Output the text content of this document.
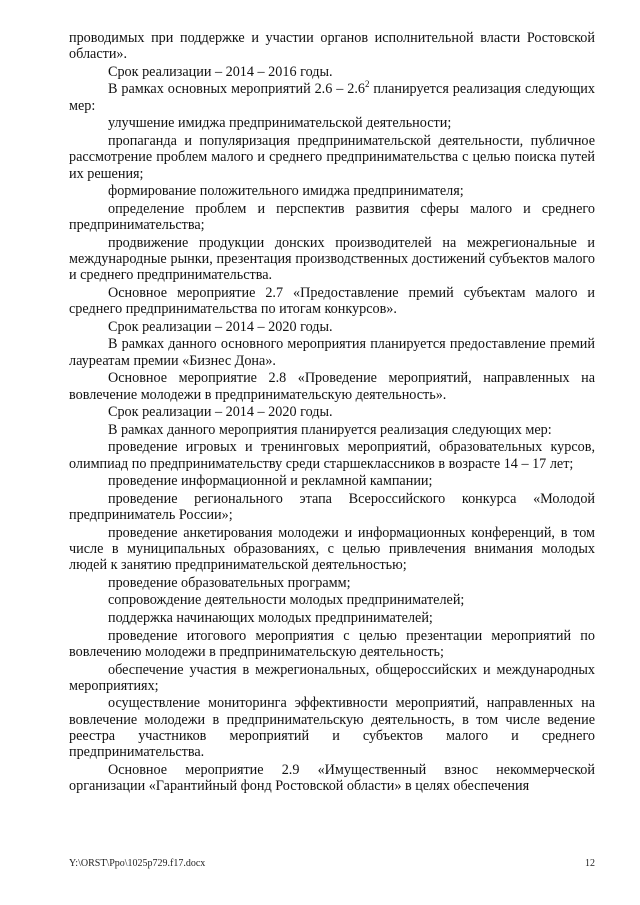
проводимых при поддержке и участии органов исполнительной власти Ростовской области».

Срок реализации – 2014 – 2016 годы.

В рамках основных мероприятий $2.6 - 2.6^2$ планируется реализация следующих мер:

улучшение имиджа предпринимательской деятельности;

пропаганда и популяризация предпринимательской деятельности, публичное рассмотрение проблем малого и среднего предпринимательства с целью поиска путей их решения;

формирование положительного имиджа предпринимателя;

определение проблем и перспектив развития сферы малого и среднего предпринимательства;

продвижение продукции донских производителей на межрегиональные и международные рынки, презентация производственных достижений субъектов малого и среднего предпринимательства.

Основное мероприятие 2.7 «Предоставление премий субъектам малого и среднего предпринимательства по итогам конкурсов».

Срок реализации – 2014 – 2020 годы.

В рамках данного основного мероприятия планируется предоставление премий лауреатам премии «Бизнес Дона».

Основное мероприятие 2.8 «Проведение мероприятий, направленных на вовлечение молодежи в предпринимательскую деятельность».

Срок реализации – 2014 – 2020 годы.

В рамках данного мероприятия планируется реализация следующих мер:

проведение игровых и тренинговых мероприятий, образовательных курсов, олимпиад по предпринимательству среди старшеклассников в возрасте 14 – 17 лет;

проведение информационной и рекламной кампании;

проведение регионального этапа Всероссийского конкурса «Молодой предприниматель России»;

проведение анкетирования молодежи и информационных конференций, в том числе в муниципальных образованиях, с целью привлечения внимания молодых людей к занятию предпринимательской деятельностью;

проведение образовательных программ;

сопровождение деятельности молодых предпринимателей;

поддержка начинающих молодых предпринимателей;

проведение итогового мероприятия с целью презентации мероприятий по вовлечению молодежи в предпринимательскую деятельность;

обеспечение участия в межрегиональных, общероссийских и международных мероприятиях;

осуществление мониторинга эффективности мероприятий, направленных на вовлечение молодежи в предпринимательскую деятельность, в том числе ведение реестра участников мероприятий и субъектов малого и среднего предпринимательства.

Основное мероприятие 2.9 «Имущественный взнос некоммерческой организации «Гарантийный фонд Ростовской области» в целях обеспечения

Y:\ORST\Ppo\1025p729.f17.docx	12
